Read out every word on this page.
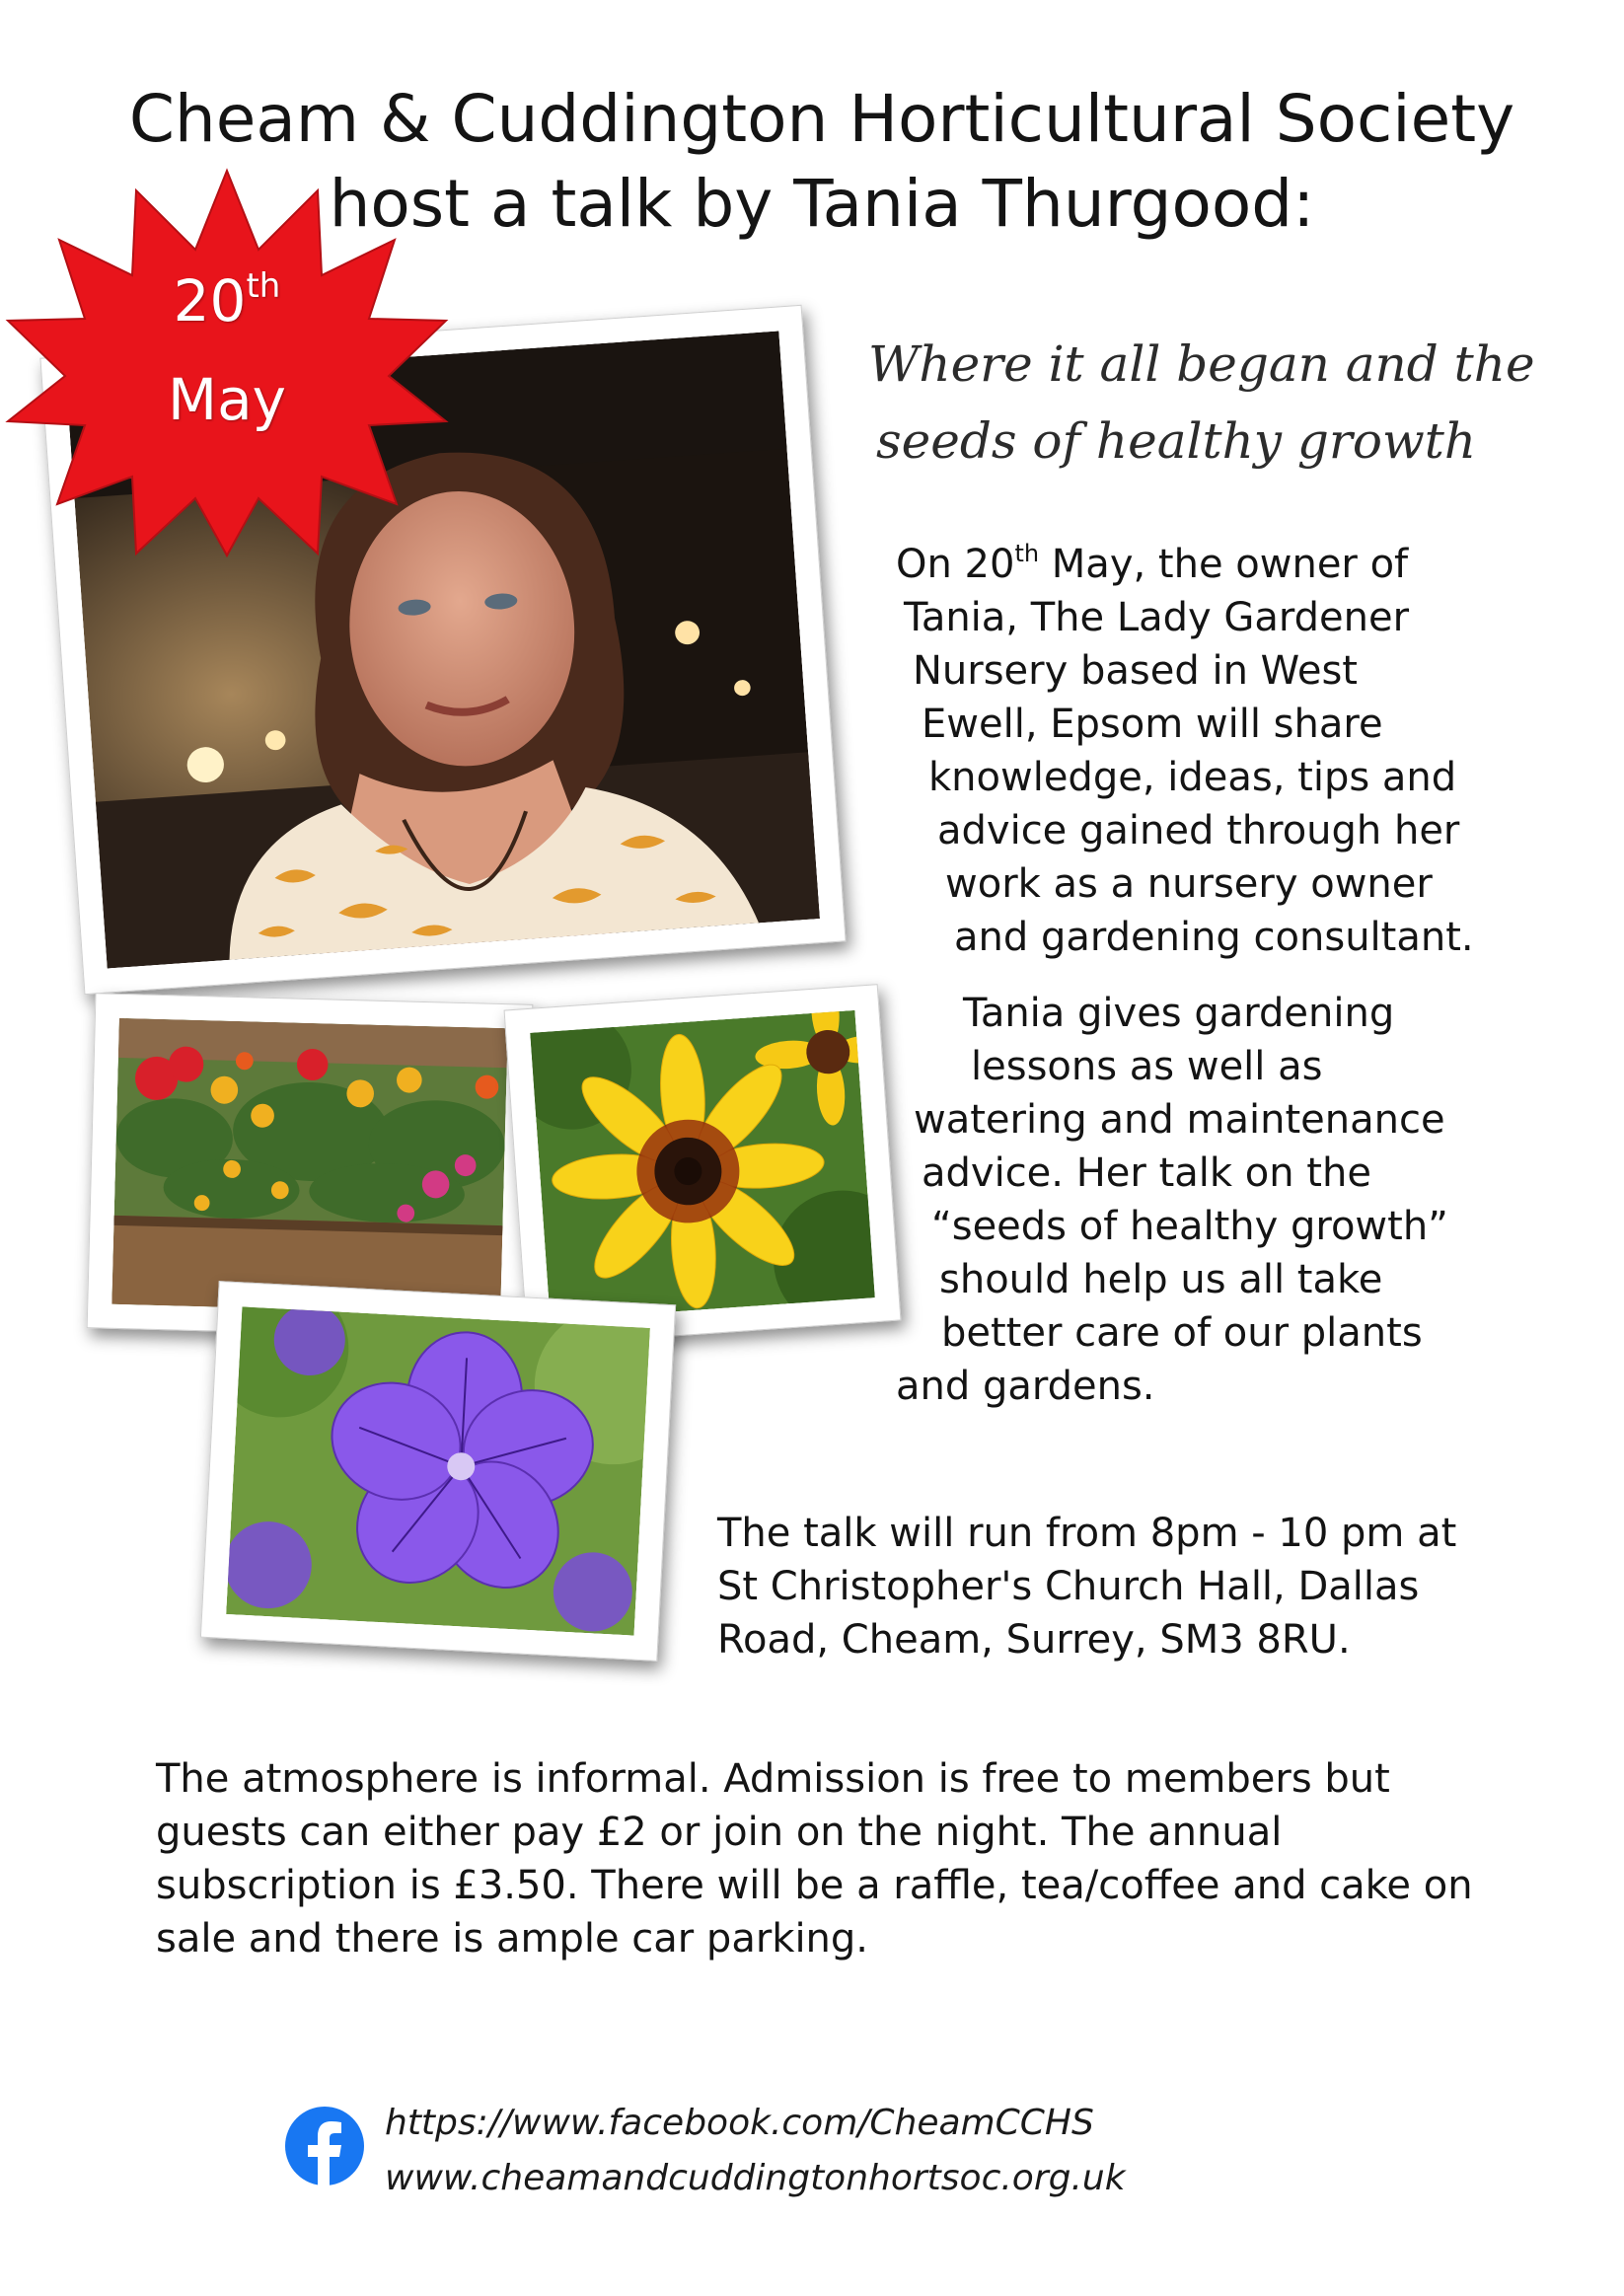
Cheam & Cuddington Horticultural Society
host a talk by Tania Thurgood:
20th
May
Where it all began and the
seeds of healthy growth
On 20th May, the owner of
Tania, The Lady Gardener
Nursery based in West
Ewell, Epsom will share
knowledge, ideas, tips and
advice gained through her
work as a nursery owner
and gardening consultant.
Tania gives gardening
lessons as well as
watering and maintenance
advice. Her talk on the
“seeds of healthy growth”
should help us all take
better care of our plants
and gardens.
The talk will run from 8pm - 10 pm at
St Christopher's Church Hall, Dallas
Road, Cheam, Surrey, SM3 8RU.
The atmosphere is informal. Admission is free to members but
guests can either pay £2 or join on the night. The annual
subscription is £3.50. There will be a raffle, tea/coffee and cake on
sale and there is ample car parking.
https://www.facebook.com/CheamCCHS
www.cheamandcuddingtonhortsoc.org.uk
